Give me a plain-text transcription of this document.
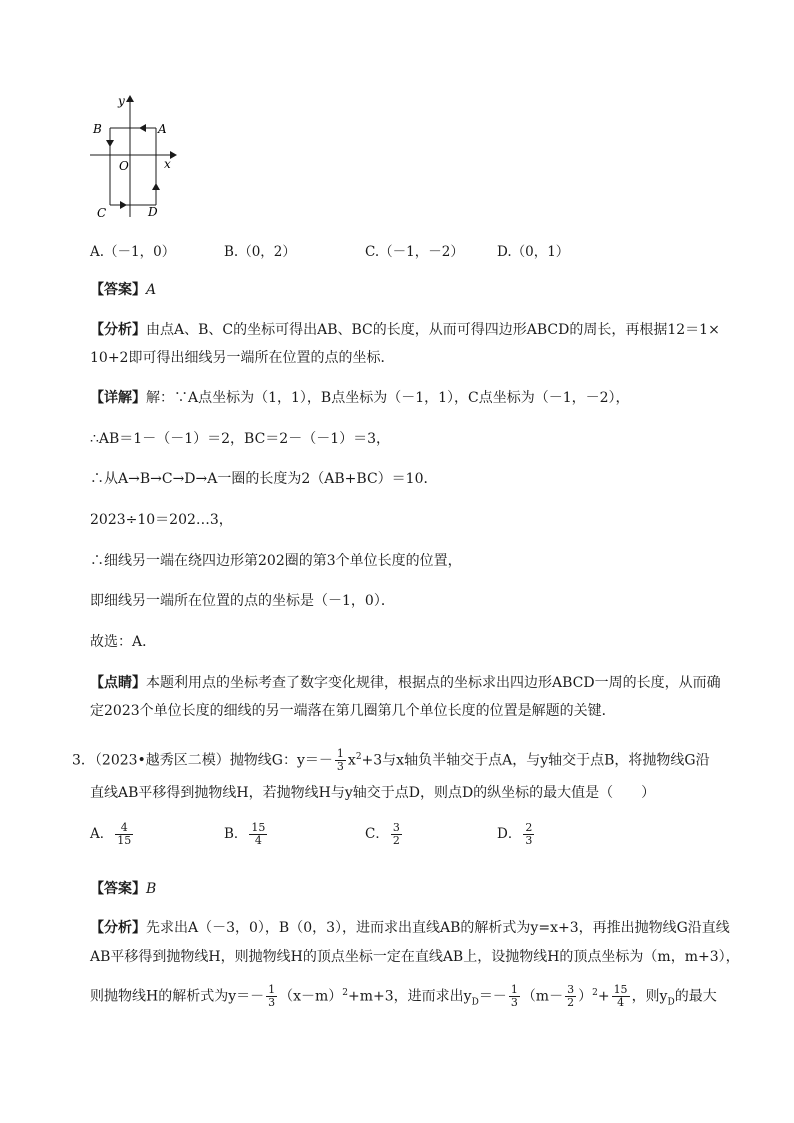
y
x
O
A
B
C	D
A.（－1，0）	B.（0，2）	C.（－1，－2） D.（0，1）
【答案】A
【分析】由点A、B、C的坐标可得出AB、BC的长度，从而可得四边形ABCD的周长，再根据12＝1×
10+2即可得出细线另一端所在位置的点的坐标．
【详解】解：∵A点坐标为（1，1），B点坐标为（－1，1），C点坐标为（－1，－2），
∴AB＝1－（－1）＝2，BC＝2－（－1）＝3，
∴从A→B→C→D→A一圈的长度为2（AB+BC）＝10．
2023÷10＝202…3，
∴细线另一端在绕四边形第202圈的第3个单位长度的位置，
即细线另一端所在位置的点的坐标是（－1，0）．
故选：A．
【点睛】本题利用点的坐标考查了数字变化规律，根据点的坐标求出四边形ABCD一周的长度，从而确
定2023个单位长度的细线的另一端落在第几圈第几个单位长度的位置是解题的关键．
3．（2023•越秀区二模）抛物线G：$y=- \frac{1}{3} x^2+3$与x轴负半轴交于点A，与y轴交于点B，将抛物线G沿
直线AB平移得到抛物线H，若抛物线H与y轴交于点D，则点D的纵坐标的最大值是（　　）
A． $\frac{4}{15}$	B． $\frac{15}{4}$	C． $\frac{3}{2}$	D． $\frac{2}{3}$
【答案】B
【分析】先求出A（－3，0），B（0，3），进而求出直线AB的解析式为y=x+3，再推出抛物线G沿直线
AB平移得到抛物线H，则抛物线H的顶点坐标一定在直线AB上，设抛物线H的顶点坐标为（m，m+3），
则抛物线H的解析式为$y=- \frac{1}{3} (x-m)^2+m+3$，进而求出$y_D=- \frac{1}{3} (m- \frac{3}{2} )^2+ \frac{15}{4}$ ，则$y_D$的最大
